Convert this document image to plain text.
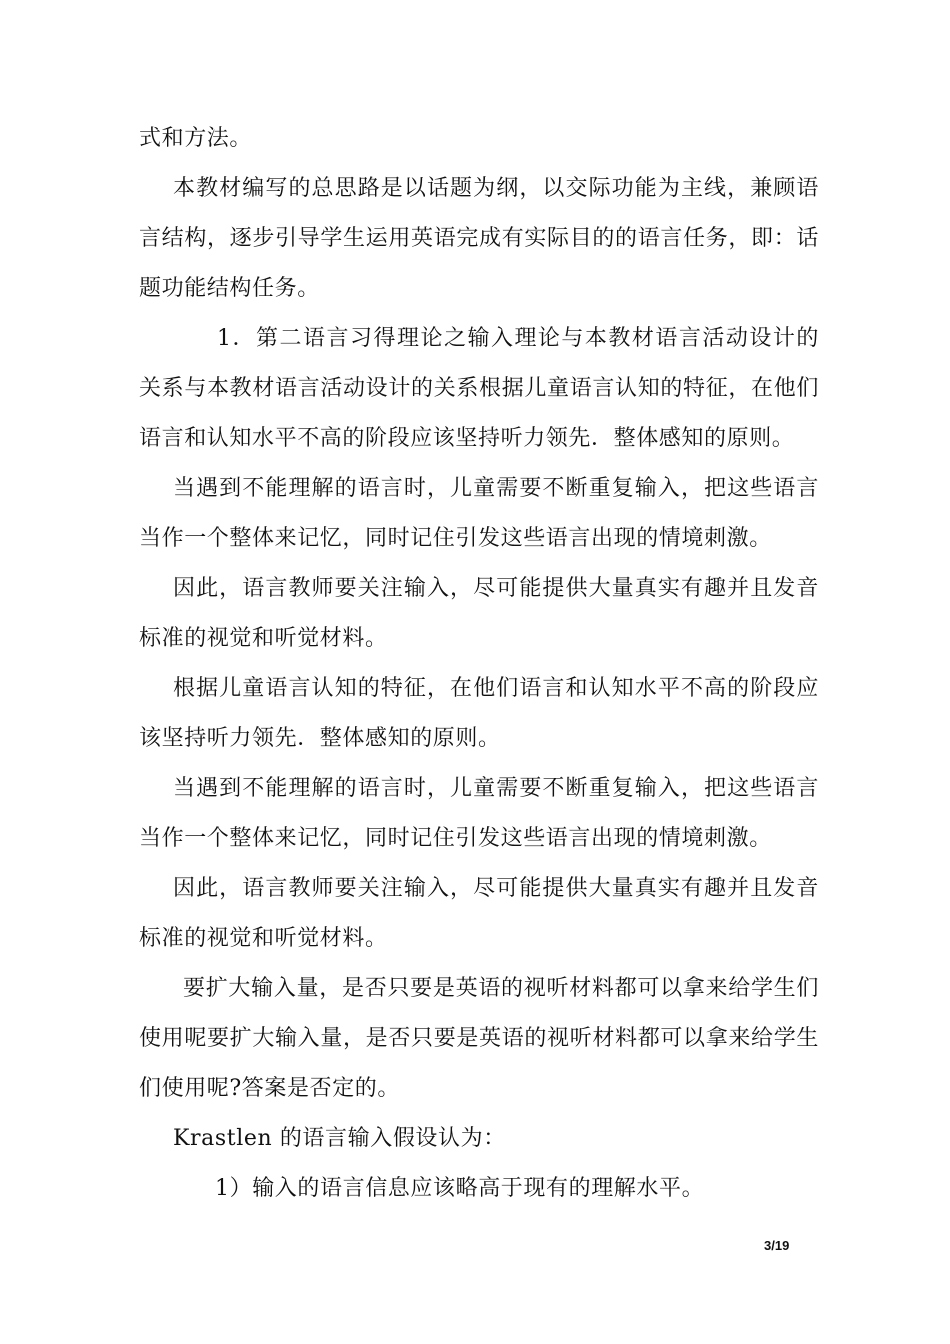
式和方法。

本教材编写的总思路是以话题为纲，以交际功能为主线，兼顾语言结构，逐步引导学生运用英语完成有实际目的的语言任务，即：话题功能结构任务。

1．第二语言习得理论之输入理论与本教材语言活动设计的关系与本教材语言活动设计的关系根据儿童语言认知的特征，在他们语言和认知水平不高的阶段应该坚持听力领先．整体感知的原则。

当遇到不能理解的语言时，儿童需要不断重复输入，把这些语言当作一个整体来记忆，同时记住引发这些语言出现的情境刺激。

因此，语言教师要关注输入，尽可能提供大量真实有趣并且发音标准的视觉和听觉材料。

根据儿童语言认知的特征，在他们语言和认知水平不高的阶段应该坚持听力领先．整体感知的原则。

当遇到不能理解的语言时，儿童需要不断重复输入，把这些语言当作一个整体来记忆，同时记住引发这些语言出现的情境刺激。

因此，语言教师要关注输入，尽可能提供大量真实有趣并且发音标准的视觉和听觉材料。

要扩大输入量，是否只要是英语的视听材料都可以拿来给学生们使用呢要扩大输入量，是否只要是英语的视听材料都可以拿来给学生们使用呢?答案是否定的。

Krastlen 的语言输入假设认为：

1）输入的语言信息应该略高于现有的理解水平。

3/19
